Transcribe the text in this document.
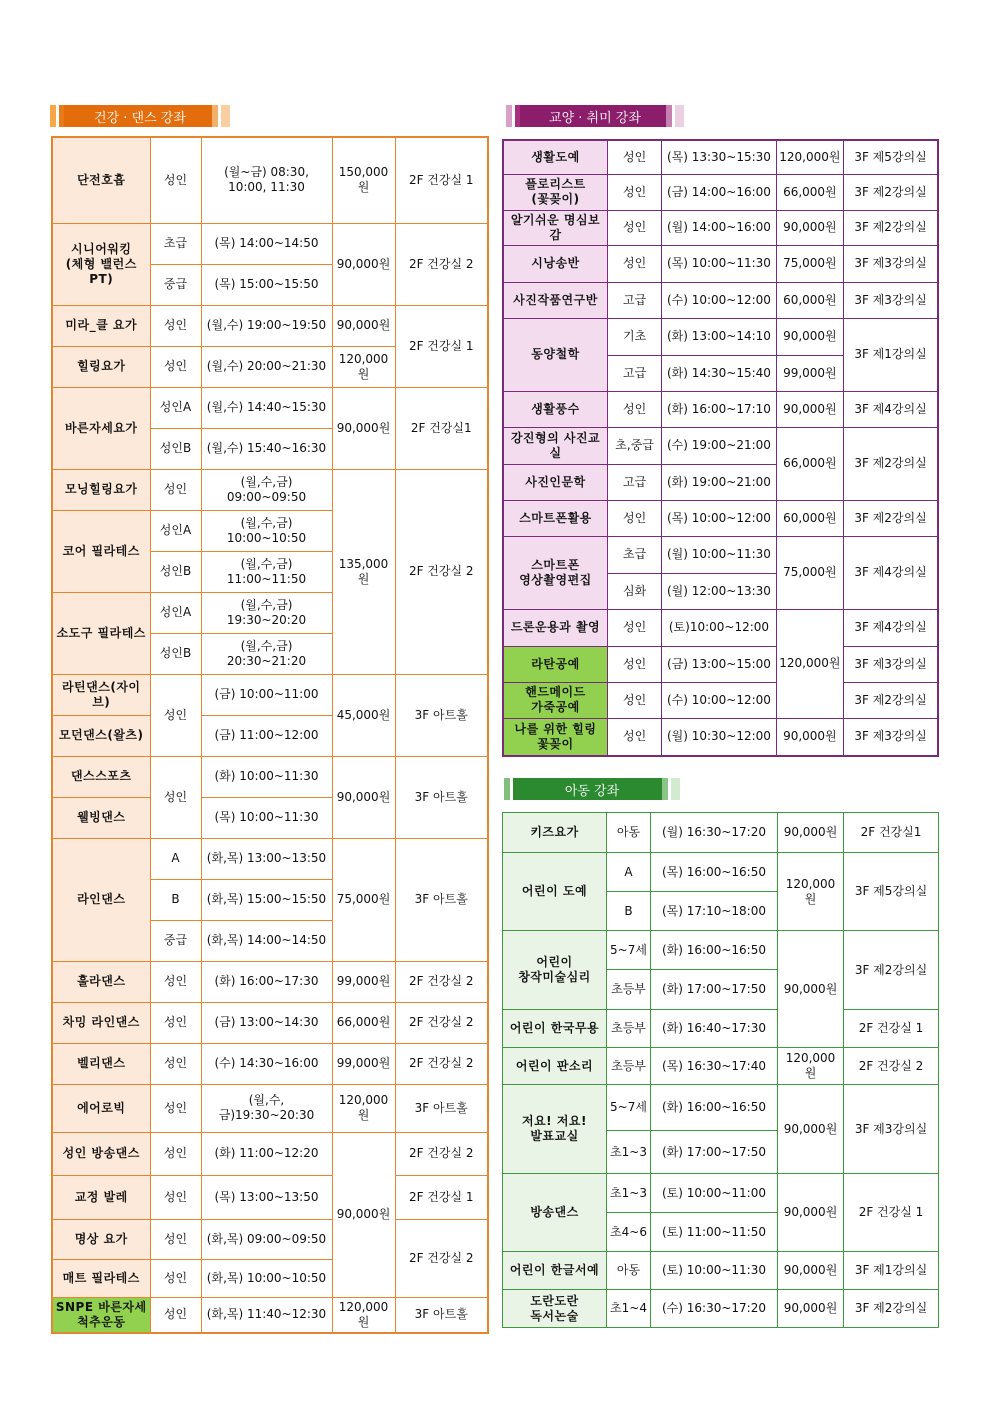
건강 · 댄스 강좌	교양 · 취미 강좌
아동 강좌
단전호흡	성인	(월~금) 08:30, 10:00, 11:30	150,000원	2F 건강실 1
시니어워킹
(체형 밸런스 PT)	초급	(목) 14:00~14:50	90,000원	2F 건강실 2
	중급	(목) 15:00~15:50		
미라_클 요가	성인	(월,수) 19:00~19:50	90,000원	2F 건강실 1
힐링요가	성인	(월,수) 20:00~21:30	120,000원	
바른자세요가	성인A	(월,수) 14:40~15:30	90,000원	2F 건강실1
	성인B	(월,수) 15:40~16:30		
모닝힐링요가	성인	(월,수,금) 09:00~09:50	135,000원	2F 건강실 2
코어 필라테스	성인A	(월,수,금) 10:00~10:50		
	성인B	(월,수,금) 11:00~11:50		
소도구 필라테스	성인A	(월,수,금) 19:30~20:20		
	성인B	(월,수,금) 20:30~21:20		
라틴댄스(자이브)	성인	(금) 10:00~11:00	45,000원	3F 아트홀
모던댄스(왈츠)		(금) 11:00~12:00		
댄스스포츠	성인	(화) 10:00~11:30	90,000원	3F 아트홀
웰빙댄스		(목) 10:00~11:30		
라인댄스	A	(화,목) 13:00~13:50	75,000원	3F 아트홀
	B	(화,목) 15:00~15:50		
	중급	(화,목) 14:00~14:50		
훌라댄스	성인	(화) 16:00~17:30	99,000원	2F 건강실 2
차밍 라인댄스	성인	(금) 13:00~14:30	66,000원	2F 건강실 2
벨리댄스	성인	(수) 14:30~16:00	99,000원	2F 건강실 2
에어로빅	성인	(월,수,금)19:30~20:30	120,000원	3F 아트홀
성인 방송댄스	성인	(화) 11:00~12:20	90,000원	2F 건강실 2
교정 발레	성인	(목) 13:00~13:50		2F 건강실 1
명상 요가	성인	(화,목) 09:00~09:50		2F 건강실 2
매트 필라테스	성인	(화,목) 10:00~10:50		
SNPE 바른자세
척추운동	성인	(화,목) 11:40~12:30	120,000원	3F 아트홀
생활도예	성인	(목) 13:30~15:30	120,000원	3F 제5강의실
플로리스트
(꽃꽂이)	성인	(금) 14:00~16:00	66,000원	3F 제2강의실
알기쉬운 명심보감	성인	(월) 14:00~16:00	90,000원	3F 제2강의실
시낭송반	성인	(목) 10:00~11:30	75,000원	3F 제3강의실
사진작품연구반	고급	(수) 10:00~12:00	60,000원	3F 제3강의실
동양철학	기초	(화) 13:00~14:10	90,000원	3F 제1강의실
	고급	(화) 14:30~15:40	99,000원	
생활풍수	성인	(화) 16:00~17:10	90,000원	3F 제4강의실
강진형의 사진교실	초,중급	(수) 19:00~21:00	66,000원	3F 제2강의실
사진인문학	고급	(화) 19:00~21:00		
스마트폰활용	성인	(목) 10:00~12:00	60,000원	3F 제2강의실
스마트폰
영상촬영편집	초급	(월) 10:00~11:30	75,000원	3F 제4강의실
	심화	(월) 12:00~13:30		
드론운용과 촬영	성인	(토)10:00~12:00	120,000원	3F 제4강의실
라탄공예	성인	(금) 13:00~15:00		3F 제3강의실
핸드메이드
가죽공예	성인	(수) 10:00~12:00		3F 제2강의실
나를 위한 힐링
꽃꽂이	성인	(월) 10:30~12:00	90,000원	3F 제3강의실
키즈요가	아동	(월) 16:30~17:20	90,000원	2F 건강실1
어린이 도예	A	(목) 16:00~16:50	120,000원	3F 제5강의실
	B	(목) 17:10~18:00		
어린이
창작미술심리	5~7세	(화) 16:00~16:50	90,000원	3F 제2강의실
	초등부	(화) 17:00~17:50		
어린이 한국무용	초등부	(화) 16:40~17:30		2F 건강실 1
어린이 판소리	초등부	(목) 16:30~17:40	120,000원	2F 건강실 2
저요! 저요!
발표교실	5~7세	(화) 16:00~16:50	90,000원	3F 제3강의실
	초1~3	(화) 17:00~17:50		
방송댄스	초1~3	(토) 10:00~11:00	90,000원	2F 건강실 1
	초4~6	(토) 11:00~11:50		
어린이 한글서예	아동	(토) 10:00~11:30	90,000원	3F 제1강의실
도란도란
독서논술	초1~4	(수) 16:30~17:20	90,000원	3F 제2강의실
